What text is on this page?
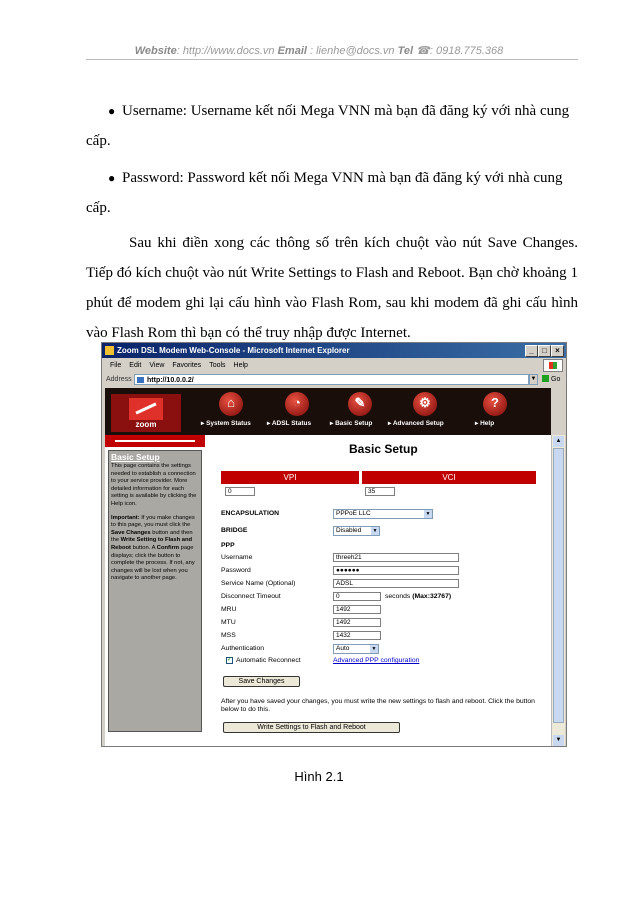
Website: http://www.docs.vn Email : lienhe@docs.vn Tel ☎: 0918.775.368
● Username: Username kết nối Mega VNN mà bạn đã đăng ký với nhà cung
cấp.
● Password: Password kết nối Mega VNN mà bạn đã đăng ký với nhà cung
cấp.
Sau khi điền xong các thông số trên kích chuột vào nút Save Changes. Tiếp đó kích chuột vào nút Write Settings to Flash and Reboot. Bạn chờ khoảng 1 phút để modem ghi lại cấu hình vào Flash Rom, sau khi modem đã ghi cấu hình vào Flash Rom thì bạn có thể truy nhập được Internet.
Zoom DSL Modem Web-Console - Microsoft Internet Explorer	_	□	×
File Edit View Favorites Tools Help
Address	http://10.0.0.2/	▼	Go
zoom
⌂
▸ System Status
◔
▸ ADSL Status
✎
▸ Basic Setup
⚙
▸ Advanced Setup
?
▸ Help
Basic Setup
This page contains the settings needed to establish a connection to your service provider. More detailed information for each setting is available by clicking the Help icon.
Important: If you make changes to this page, you must click the Save Changes button and then the Write Setting to Flash and Reboot button. A Confirm page displays; click the button to complete the process. If not, any changes will be lost when you navigate to another page.
Basic Setup
VPI	VCI
0	35
ENCAPSULATION	PPPoE LLC	▼
BRIDGE	Disabled	▼
PPP
Username	threeh21
Password	●●●●●●
Service Name (Optional)	ADSL
Disconnect Timeout	0	seconds (Max:32767)
MRU	1492
MTU	1492
MSS	1432
Authentication	Auto	▼
✓ Automatic Reconnect	Advanced PPP configuration
Save Changes
After you have saved your changes, you must write the new settings to flash and reboot. Click the button below to do this.
Write Settings to Flash and Reboot
▲
▼
Hình 2.1
